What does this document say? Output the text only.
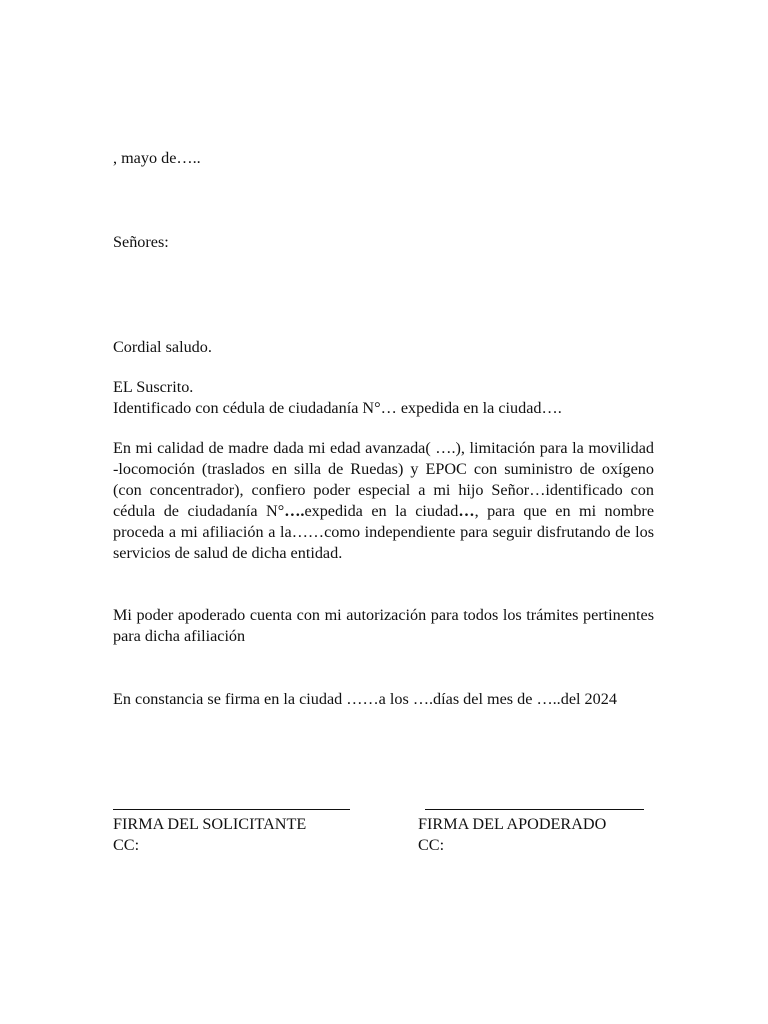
, mayo de…..
Señores:
Cordial saludo.
EL Suscrito.
Identificado con cédula de ciudadanía N°… expedida en la ciudad….
En mi calidad de madre dada mi edad avanzada( ….), limitación para la movilidad -locomoción (traslados en silla de Ruedas) y EPOC con suministro de oxígeno (con concentrador), confiero poder especial a mi hijo Señor…identificado con cédula de ciudadanía N°….expedida en la ciudad…, para que en mi nombre proceda a mi afiliación a la……como independiente para seguir disfrutando de los servicios de salud de dicha entidad.
Mi poder apoderado cuenta con mi autorización para todos los trámites pertinentes para dicha afiliación
En constancia se firma en la ciudad ……a los ….días del mes de …..del 2024
FIRMA DEL SOLICITANTE
CC:
FIRMA DEL APODERADO
CC:
